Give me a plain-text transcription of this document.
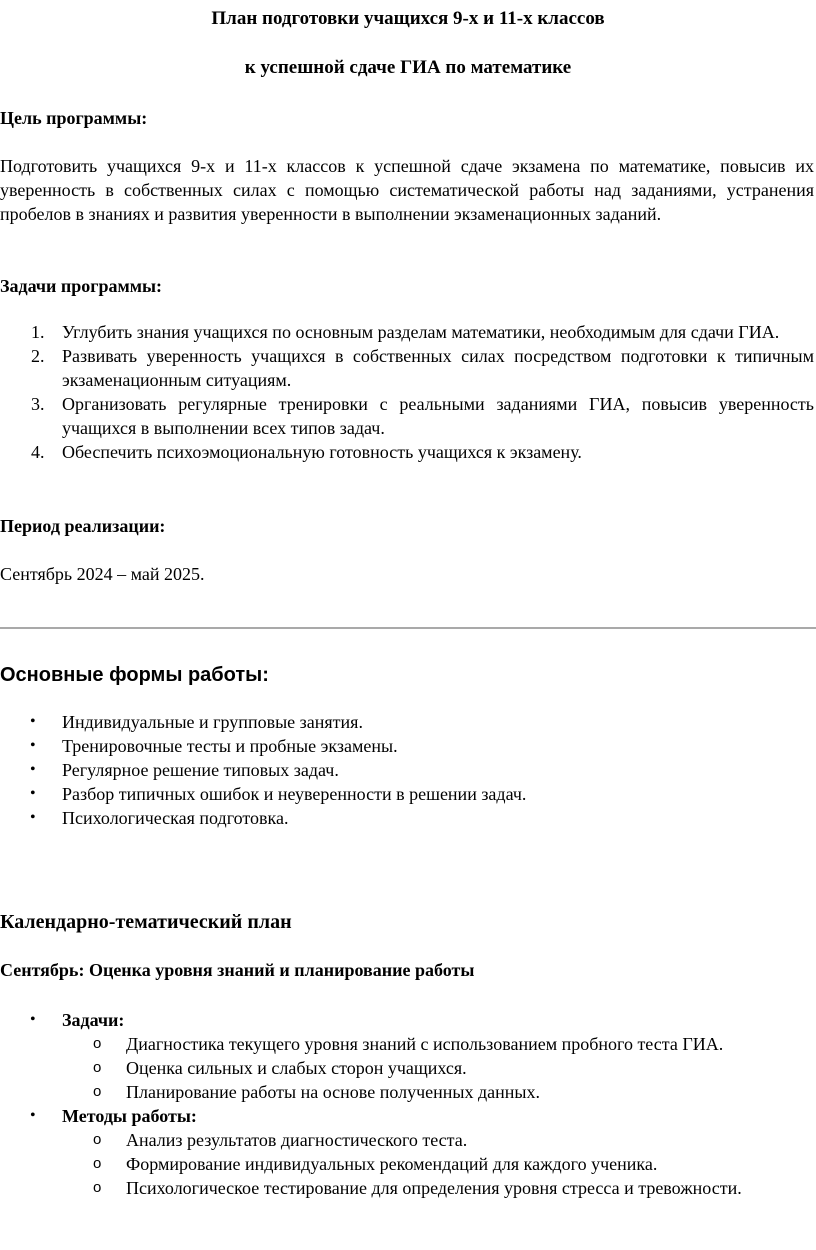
План подготовки учащихся 9-х и 11-х классов
к успешной сдаче ГИА по математике
Цель программы:
Подготовить учащихся 9-х и 11-х классов к успешной сдаче экзамена по математике, повысив их уверенность в собственных силах с помощью систематической работы над заданиями, устранения пробелов в знаниях и развития уверенности в выполнении экзаменационных заданий.
Задачи программы:
1. Углубить знания учащихся по основным разделам математики, необходимым для сдачи ГИА.
2. Развивать уверенность учащихся в собственных силах посредством подготовки к типичным экзаменационным ситуациям.
3. Организовать регулярные тренировки с реальными заданиями ГИА, повысив уверенность учащихся в выполнении всех типов задач.
4. Обеспечить психоэмоциональную готовность учащихся к экзамену.
Период реализации:
Сентябрь 2024 – май 2025.
Основные формы работы:
• Индивидуальные и групповые занятия.
• Тренировочные тесты и пробные экзамены.
• Регулярное решение типовых задач.
• Разбор типичных ошибок и неуверенности в решении задач.
• Психологическая подготовка.
Календарно-тематический план
Сентябрь: Оценка уровня знаний и планирование работы
• Задачи:
o Диагностика текущего уровня знаний с использованием пробного теста ГИА.
o Оценка сильных и слабых сторон учащихся.
o Планирование работы на основе полученных данных.
• Методы работы:
o Анализ результатов диагностического теста.
o Формирование индивидуальных рекомендаций для каждого ученика.
o Психологическое тестирование для определения уровня стресса и тревожности.
